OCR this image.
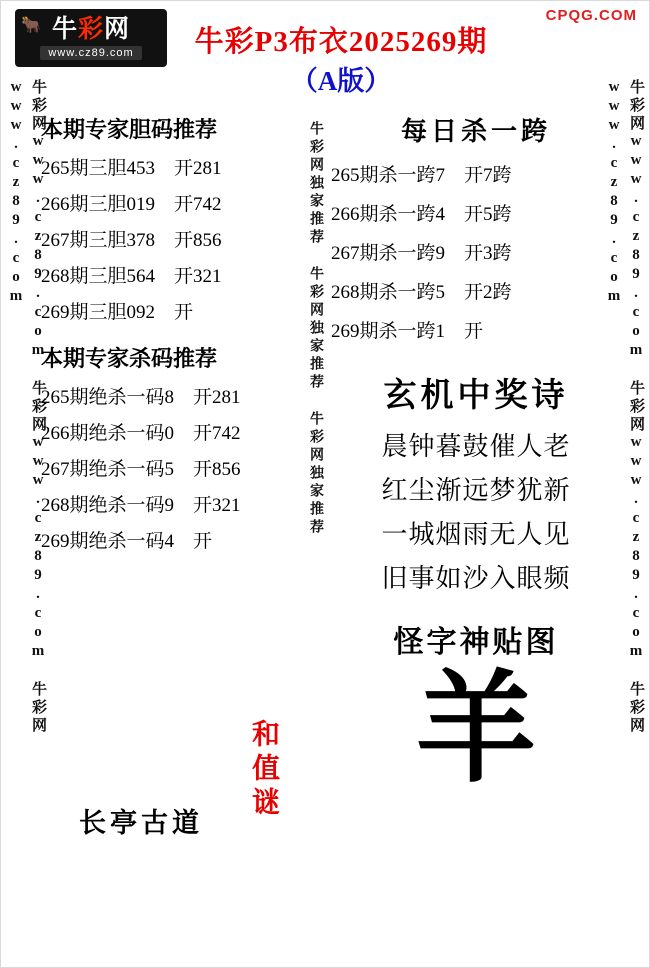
🐂 牛彩网
www.cz89.com
CPQG.COM
牛彩P3布衣2025269期
（A版）
牛彩网www.cz89.com 牛彩网www.cz89.com 牛彩网www.cz89.com	牛彩网www.cz89.com 牛彩网www.cz89.com 牛彩网www.cz89.com
牛彩网独家推荐 牛彩网独家推荐 牛彩网独家推荐
本期专家胆码推荐
265期三胆453　开281
266期三胆019　开742
267期三胆378　开856
268期三胆564　开321
269期三胆092　开
本期专家杀码推荐
265期绝杀一码8　开281
266期绝杀一码0　开742
267期绝杀一码5　开856
268期绝杀一码9　开321
269期绝杀一码4　开
和值谜
长亭古道
每日杀一跨
265期杀一跨7　开7跨
266期杀一跨4　开5跨
267期杀一跨9　开3跨
268期杀一跨5　开2跨
269期杀一跨1　开
玄机中奖诗
晨钟暮鼓催人老
红尘渐远梦犹新
一城烟雨无人见
旧事如沙入眼频
怪字神贴图
羊
